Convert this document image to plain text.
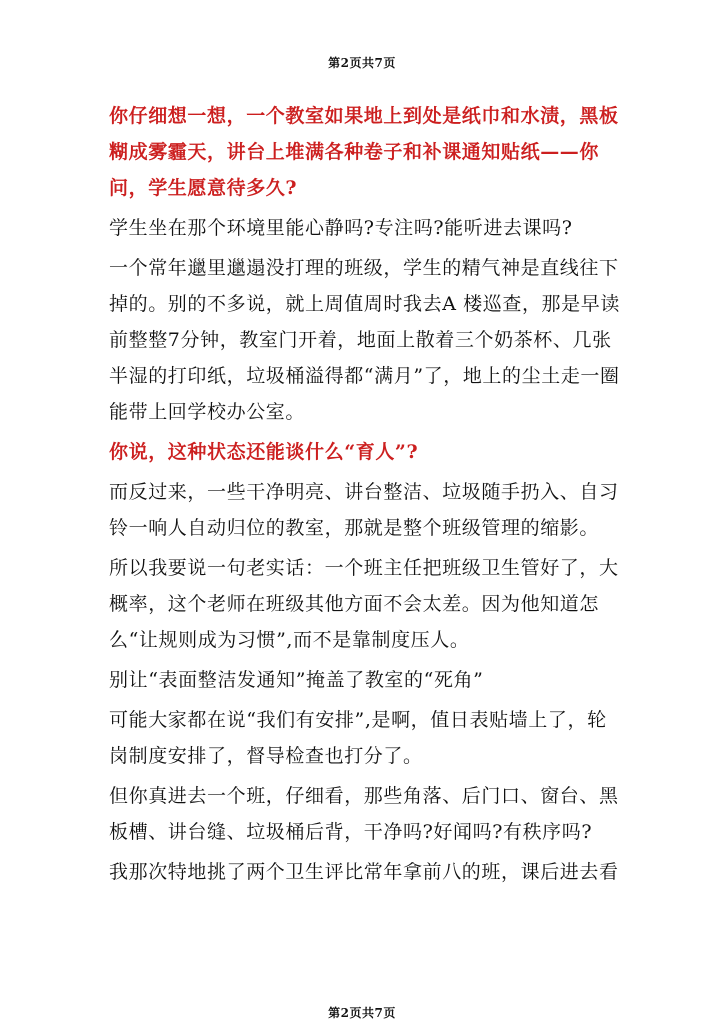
第2页共7页

你仔细想一想，一个教室如果地上到处是纸巾和水渍，黑板糊成雾霾天，讲台上堆满各种卷子和补课通知贴纸——你问，学生愿意待多久?

学生坐在那个环境里能心静吗?专注吗?能听进去课吗?

一个常年邋里邋遢没打理的班级，学生的精气神是直线往下掉的。别的不多说，就上周值周时我去A 楼巡查，那是早读前整整7分钟，教室门开着，地面上散着三个奶茶杯、几张半湿的打印纸，垃圾桶溢得都“满月”了，地上的尘土走一圈能带上回学校办公室。

你说，这种状态还能谈什么“育人”?

而反过来，一些干净明亮、讲台整洁、垃圾随手扔入、自习铃一响人自动归位的教室，那就是整个班级管理的缩影。

所以我要说一句老实话：一个班主任把班级卫生管好了，大概率，这个老师在班级其他方面不会太差。因为他知道怎么“让规则成为习惯”,而不是靠制度压人。

别让“表面整洁发通知”掩盖了教室的“死角”

可能大家都在说“我们有安排”,是啊，值日表贴墙上了，轮岗制度安排了，督导检查也打分了。

但你真进去一个班，仔细看，那些角落、后门口、窗台、黑板槽、讲台缝、垃圾桶后背，干净吗?好闻吗?有秩序吗?

我那次特地挑了两个卫生评比常年拿前八的班，课后进去看

第2页共7页
